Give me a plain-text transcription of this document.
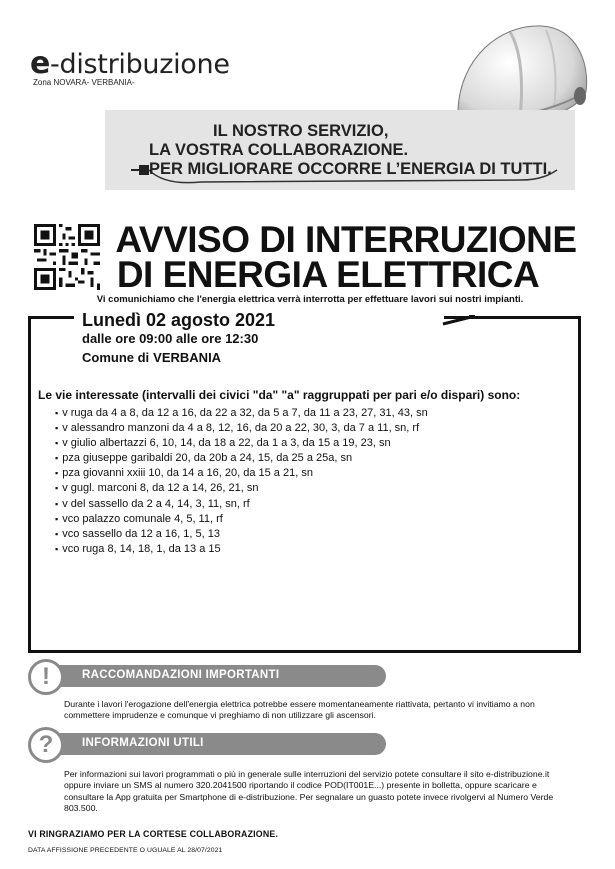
e-distribuzione
Zona NOVARA- VERBANIA-
IL NOSTRO SERVIZIO,
LA VOSTRA COLLABORAZIONE.
PER MIGLIORARE OCCORRE L’ENERGIA DI TUTTI.
AVVISO DI INTERRUZIONE
DI ENERGIA ELETTRICA
Vi comunichiamo che l'energia elettrica verrà interrotta per effettuare lavori sui nostri impianti.
Lunedì 02 agosto 2021
dalle ore 09:00 alle ore 12:30
Comune di VERBANIA
Le vie interessate (intervalli dei civici "da" "a" raggruppati per pari e/o dispari) sono:
▪ v ruga da 4 a 8, da 12 a 16, da 22 a 32, da 5 a 7, da 11 a 23, 27, 31, 43, sn
▪ v alessandro manzoni da 4 a 8, 12, 16, da 20 a 22, 30, 3, da 7 a 11, sn, rf
▪ v giulio albertazzi 6, 10, 14, da 18 a 22, da 1 a 3, da 15 a 19, 23, sn
▪ pza giuseppe garibaldi 20, da 20b a 24, 15, da 25 a 25a, sn
▪ pza giovanni xxiii 10, da 14 a 16, 20, da 15 a 21, sn
▪ v gugl. marconi 8, da 12 a 14, 26, 21, sn
▪ v del sassello da 2 a 4, 14, 3, 11, sn, rf
▪ vco palazzo comunale 4, 5, 11, rf
▪ vco sassello da 12 a 16, 1, 5, 13
▪ vco ruga 8, 14, 18, 1, da 13 a 15
!	RACCOMANDAZIONI IMPORTANTI
Durante i lavori l'erogazione dell'energia elettrica potrebbe essere momentaneamente riattivata, pertanto vi invitiamo a non commettere imprudenze e comunque vi preghiamo di non utilizzare gli ascensori.
?	INFORMAZIONI UTILI
Per informazioni sui lavori programmati o più in generale sulle interruzioni del servizio potete consultare il sito e-distribuzione.it oppure inviare un SMS al numero 320.2041500 riportando il codice POD(IT001E...) presente in bolletta, oppure scaricare e consultare la App gratuita per Smartphone di e-distribuzione. Per segnalare un guasto potete invece rivolgervi al Numero Verde 803.500.
VI RINGRAZIAMO PER LA CORTESE COLLABORAZIONE.
DATA AFFISSIONE PRECEDENTE O UGUALE AL 28/07/2021
